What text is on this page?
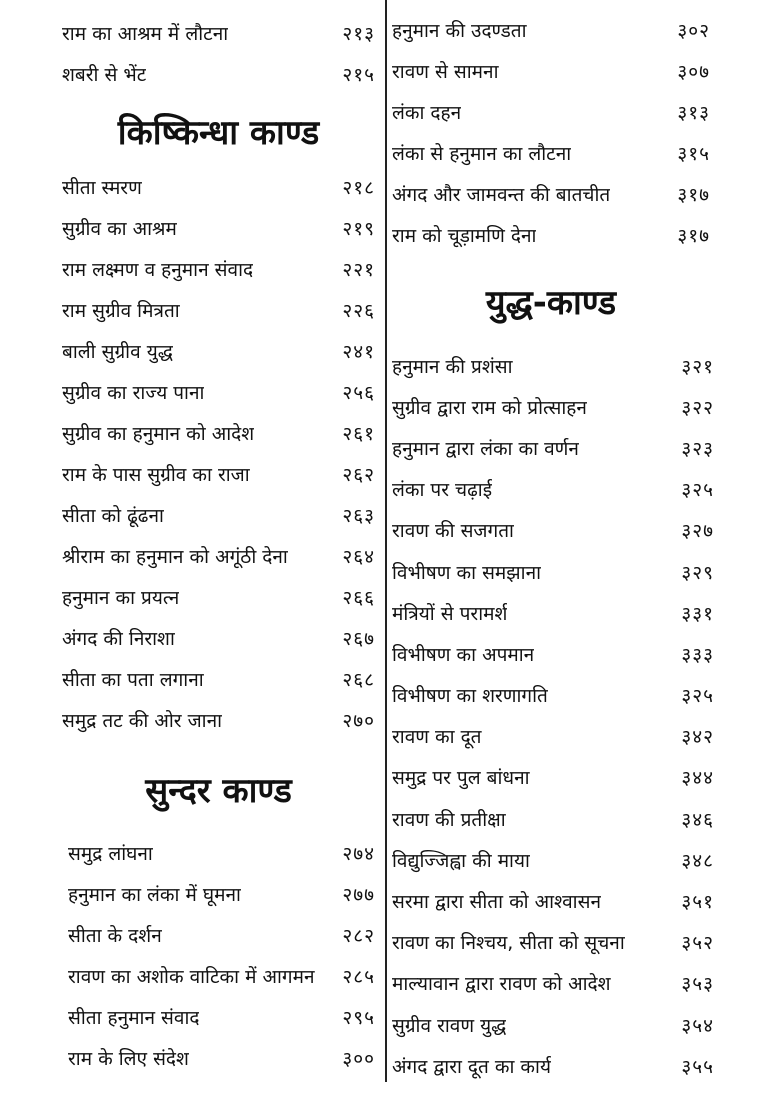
राम का आश्रम में लौटना	२१३
शबरी से भेंट	२१५
किष्किन्धा काण्ड
सीता स्मरण	२१८
सुग्रीव का आश्रम	२१९
राम लक्ष्मण व हनुमान संवाद	२२१
राम सुग्रीव मित्रता	२२६
बाली सुग्रीव युद्ध	२४१
सुग्रीव का राज्य पाना	२५६
सुग्रीव का हनुमान को आदेश	२६१
राम के पास सुग्रीव का राजा	२६२
सीता को ढूंढना	२६३
श्रीराम का हनुमान को अगूंठी देना	२६४
हनुमान का प्रयत्न	२६६
अंगद की निराशा	२६७
सीता का पता लगाना	२६८
समुद्र तट की ओर जाना	२७०
सुन्दर काण्ड
समुद्र लांघना	२७४
हनुमान का लंका में घूमना	२७७
सीता के दर्शन	२८२
रावण का अशोक वाटिका में आगमन २८५
सीता हनुमान संवाद	२९५
राम के लिए संदेश	३००
हनुमान की उदण्डता	३०२
रावण से सामना	३०७
लंका दहन	३१३
लंका से हनुमान का लौटना	३१५
अंगद और जामवन्त की बातचीत	३१७
राम को चूड़ामणि देना	३१७
युद्ध-काण्ड
हनुमान की प्रशंसा	३२१
सुग्रीव द्वारा राम को प्रोत्साहन	३२२
हनुमान द्वारा लंका का वर्णन	३२३
लंका पर चढ़ाई	३२५
रावण की सजगता	३२७
विभीषण का समझाना	३२९
मंत्रियों से परामर्श	३३१
विभीषण का अपमान	३३३
विभीषण का शरणागति	३२५
रावण का दूत	३४२
समुद्र पर पुल बांधना	३४४
रावण की प्रतीक्षा	३४६
विद्युज्जिह्वा की माया	३४८
सरमा द्वारा सीता को आश्वासन	३५१
रावण का निश्चय, सीता को सूचना	३५२
माल्यावान द्वारा रावण को आदेश	३५३
सुग्रीव रावण युद्ध	३५४
अंगद द्वारा दूत का कार्य	३५५
